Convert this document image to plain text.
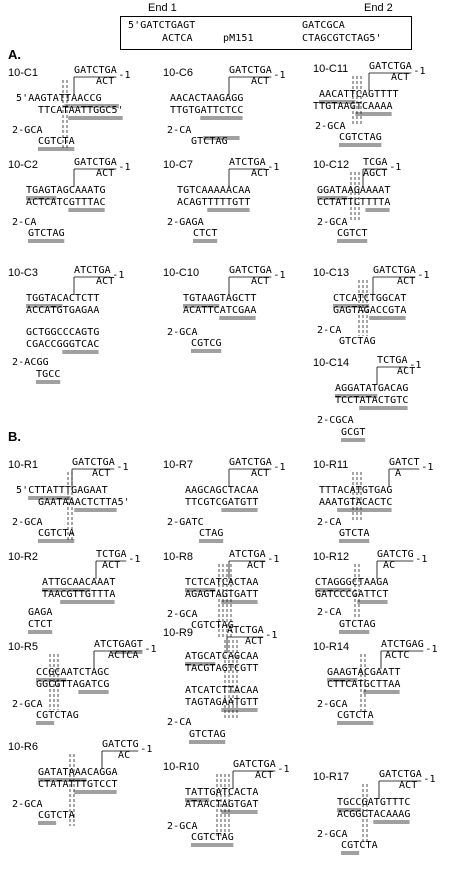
End 1	End 2
5'GATCTGAGT
ACTCA	pM151
GATCGCA
CTAGCGTCTAG5'
A.
B.
10-C1	GATCTGA
ACT
5'AAGTATTAACCG
TTCATAATTGGC5'
2-GCA
CGTCTA
-1	10-C6	GATCTGA
ACT
AACACTAAGAGG
TTGTGATTCTCC
2-CA
GTCTAG
-1
10-C11 GATCTGA
ACT
AACATTCAGTTTT
TTGTAAGTCAAAA
2-GCA
CGTCTAG
-1
10-C2	GATCTGA
ACT
TGAGTAGCAAATG
ACTCATCGTTTAC
2-CA
GTCTAG
-1	10-C7	ATCTGA
ACT
TGTCAAAAACAA
ACAGTTTTTGTT
2-GAGA
CTCT
-1	10-C12 TCGA
AGCT
GGATAAGAAAAT
CCTATTCTTTTA
2-GCA
CGTCT
-1
10-C3	ATCTGA
ACT
TGGTACACTCTT
ACCATGTGAGAA
GCTGGCCCAGTG
CGACCGGGTCAC
2-ACGG
TGCC
-1	10-C10	GATCTGA
ACT
TGTAAGTAGCTT
ACATTCATCGAA
2-GCA
CGTCG
-1 10-C13 GATCTGA
ACT
CTCATCTGGCAT
GAGTAGACCGTA
2-CA
GTCTAG
-1
10-C14	TCTGA
ACT
AGGATATGACAG
TCCTATACTGTC
2-CGCA
GCGT
-1
10-R1	GATCTGA
ACT
5'CTTATTTGAGAAT
GAATAAACTCTTA5'
2-GCA
CGTCTA
-1	10-R7	GATCTGA
ACT
AAGCAGCTACAA
TTCGTCGATGTT
2-GATC
CTAG
-1 10-R11	GATCT
A
TTTACATGTGAG
AAATGTACACTC
2-CA
GTCTA
-1
10-R2	TCTGA
ACT
ATTGCAACAAAT
TAACGTTGTTTA
GAGA
CTCT
-1 10-R8	ATCTGA
ACT
TCTCATCACTAA
AGAGTAGTGATT
2-GCA
CGTCTAG
-1	10-R12	GATCTG
AC
CTAGGGCTAAGA
GATCCCGATTCT
2-CA
GTCTAG
-1
10-R5	ATCTGAGT
ACTCA
CCGCAATCTAGC
GGCGTTAGATCG
2-GCA
CGTCTAG
-1
10-R9	ATCTGA
ACT
ATGCATCAGCAA
TACGTAGTCGTT
ATCATCTTACAA
TAGTAGAATGTT
2-CA
GTCTAG
-1
10-R14	ATCTGAG
ACTC
GAAGTACGAATT
CTTCATGCTTAA
2-GCA
CGTCTA
-1
10-R6	GATCTG
AC
GATATAAACAGGA
CTATATTTGTCCT
2-GCA
CGTCTA
-1
10-R10	GATCTGA
ACT
TATTGATCACTA
ATAACTAGTGAT
2-GCA
CGTCTAG
-1
10-R17	GATCTGA
ACT
TGCCGATGTTTC
ACGGCTACAAAG
2-GCA
CGTCTA
-1
